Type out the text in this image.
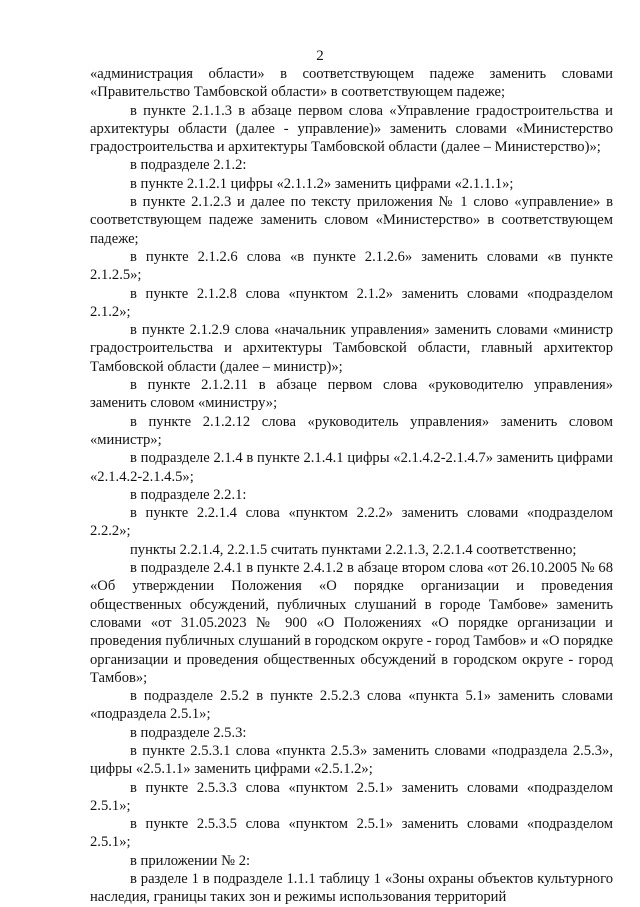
2

«администрация области» в соответствующем падеже заменить словами «Правительство Тамбовской области» в соответствующем падеже;

в пункте 2.1.1.3 в абзаце первом слова «Управление градостроительства и архитектуры области (далее - управление)» заменить словами «Министерство градостроительства и архитектуры Тамбовской области (далее – Министерство)»;

в подразделе 2.1.2:

в пункте 2.1.2.1 цифры «2.1.1.2» заменить цифрами «2.1.1.1»;

в пункте 2.1.2.3 и далее по тексту приложения № 1 слово «управление» в соответствующем падеже заменить словом «Министерство» в соответствующем падеже;

в пункте 2.1.2.6 слова «в пункте 2.1.2.6» заменить словами «в пункте 2.1.2.5»;

в пункте 2.1.2.8 слова «пунктом 2.1.2» заменить словами «подразделом 2.1.2»;

в пункте 2.1.2.9 слова «начальник управления» заменить словами «министр градостроительства и архитектуры Тамбовской области, главный архитектор Тамбовской области (далее – министр)»;

в пункте 2.1.2.11 в абзаце первом слова «руководителю управления» заменить словом «министру»;

в пункте 2.1.2.12 слова «руководитель управления» заменить словом «министр»;

в подразделе 2.1.4 в пункте 2.1.4.1 цифры «2.1.4.2-2.1.4.7» заменить цифрами «2.1.4.2-2.1.4.5»;

в подразделе 2.2.1:

в пункте 2.2.1.4 слова «пунктом 2.2.2» заменить словами «подразделом 2.2.2»;

пункты 2.2.1.4, 2.2.1.5 считать пунктами 2.2.1.3, 2.2.1.4 соответственно;

в подразделе 2.4.1 в пункте 2.4.1.2 в абзаце втором слова «от 26.10.2005 № 68 «Об утверждении Положения «О порядке организации и проведения общественных обсуждений, публичных слушаний в городе Тамбове» заменить словами «от 31.05.2023 № 900 «О Положениях «О порядке организации и проведения публичных слушаний в городском округе - город Тамбов» и «О порядке организации и проведения общественных обсуждений в городском округе - город Тамбов»;

в подразделе 2.5.2 в пункте 2.5.2.3 слова «пункта 5.1» заменить словами «подраздела 2.5.1»;

в подразделе 2.5.3:

в пункте 2.5.3.1 слова «пункта 2.5.3» заменить словами «подраздела 2.5.3», цифры «2.5.1.1» заменить цифрами «2.5.1.2»;

в пункте 2.5.3.3 слова «пунктом 2.5.1» заменить словами «подразделом 2.5.1»;

в пункте 2.5.3.5 слова «пунктом 2.5.1» заменить словами «подразделом 2.5.1»;

в приложении № 2:

в разделе 1 в подразделе 1.1.1 таблицу 1 «Зоны охраны объектов культурного наследия, границы таких зон и режимы использования территорий
